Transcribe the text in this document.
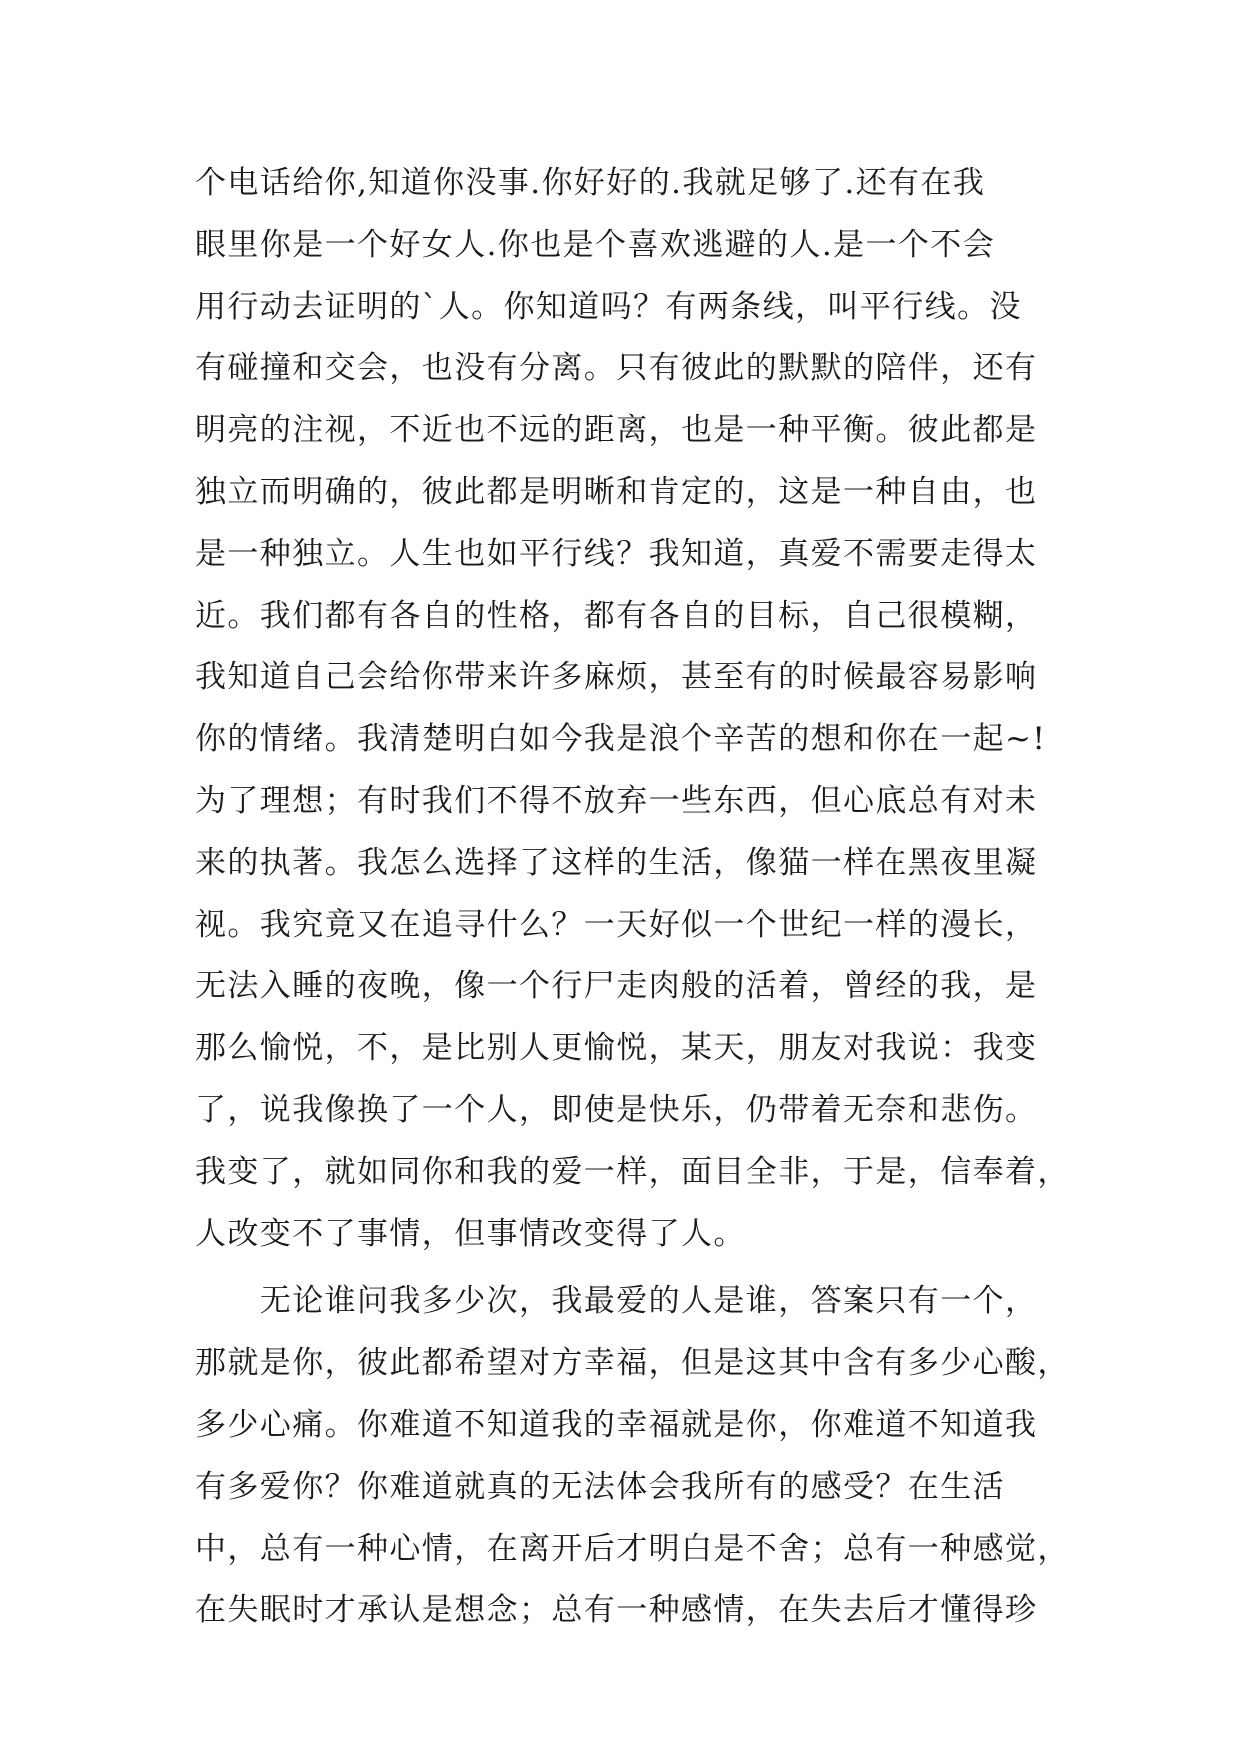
个电话给你,知道你没事.你好好的.我就足够了.还有在我
眼里你是一个好女人.你也是个喜欢逃避的人.是一个不会
用行动去证明的`人。你知道吗？有两条线，叫平行线。没
有碰撞和交会，也没有分离。只有彼此的默默的陪伴，还有
明亮的注视，不近也不远的距离，也是一种平衡。彼此都是
独立而明确的，彼此都是明晰和肯定的，这是一种自由，也
是一种独立。人生也如平行线？我知道，真爱不需要走得太
近。我们都有各自的性格，都有各自的目标，自己很模糊，
我知道自己会给你带来许多麻烦，甚至有的时候最容易影响
你的情绪。我清楚明白如今我是浪个辛苦的想和你在一起~!
为了理想；有时我们不得不放弃一些东西，但心底总有对未
来的执著。我怎么选择了这样的生活，像猫一样在黑夜里凝
视。我究竟又在追寻什么？一天好似一个世纪一样的漫长，
无法入睡的夜晚，像一个行尸走肉般的活着，曾经的我，是
那么愉悦，不，是比别人更愉悦，某天，朋友对我说：我变
了，说我像换了一个人，即使是快乐，仍带着无奈和悲伤。
我变了，就如同你和我的爱一样，面目全非，于是，信奉着，
人改变不了事情，但事情改变得了人。
　　无论谁问我多少次，我最爱的人是谁，答案只有一个，
那就是你，彼此都希望对方幸福，但是这其中含有多少心酸，
多少心痛。你难道不知道我的幸福就是你，你难道不知道我
有多爱你？你难道就真的无法体会我所有的感受？在生活
中，总有一种心情，在离开后才明白是不舍；总有一种感觉，
在失眠时才承认是想念；总有一种感情，在失去后才懂得珍
